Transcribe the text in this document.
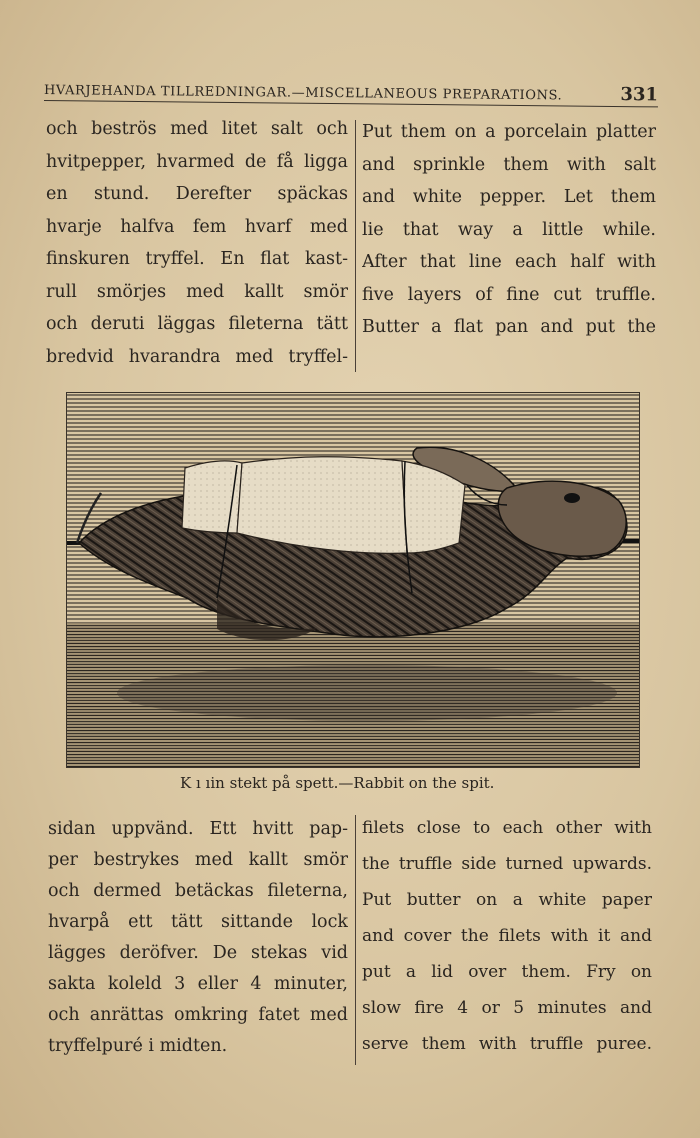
HVARJEHANDA TILLREDNINGAR.—MISCELLANEOUS PREPARATIONS.	331
och beströs med litet salt och
hvitpepper, hvarmed de få ligga
en stund. Derefter späckas
hvarje halfva fem hvarf med
finskuren tryffel. En flat kast-
rull smörjes med kallt smör
och deruti läggas fileterna tätt
bredvid hvarandra med tryffel-
Put them on a porcelain platter
and sprinkle them with salt
and white pepper. Let them
lie that way a little while.
After that line each half with
five layers of fine cut truffle.
Butter a flat pan and put the
K ı ıin stekt på spett.—Rabbit on the spit.
sidan uppvänd. Ett hvitt pap-
per bestrykes med kallt smör
och dermed betäckas fileterna,
hvarpå ett tätt sittande lock
lägges deröfver. De stekas vid
sakta koleld 3 eller 4 minuter,
och anrättas omkring fatet med
tryffelpuré i midten.
filets close to each other with
the truffle side turned upwards.
Put butter on a white paper
and cover the filets with it and
put a lid over them. Fry on
slow fire 4 or 5 minutes and
serve them with truffle puree.
